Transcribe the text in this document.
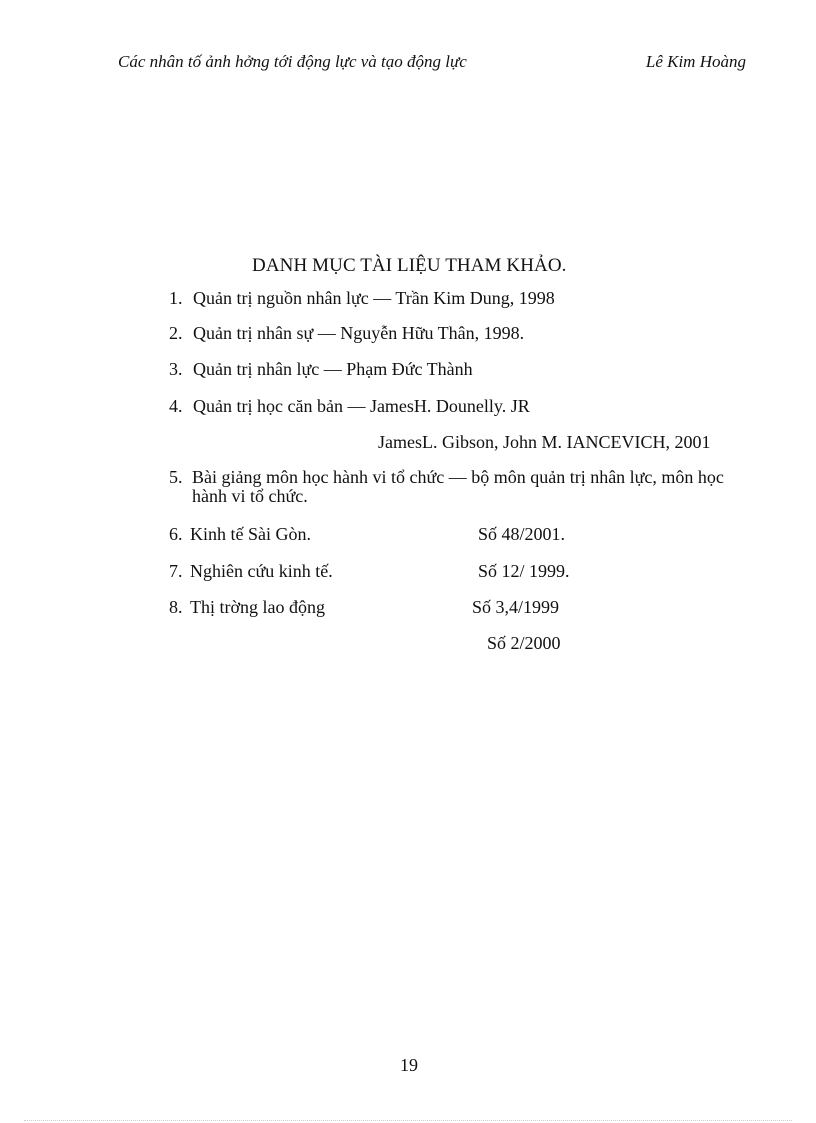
Các nhân tố ảnh hởng tới động lực và tạo động lực	Lê Kim Hoàng
DANH MỤC TÀI LIỆU THAM KHẢO.
1. Quản trị nguồn nhân lực — Trần Kim Dung, 1998
2. Quản trị nhân sự — Nguyễn Hữu Thân, 1998.
3. Quản trị nhân lực — Phạm Đức Thành
4. Quản trị học căn bản — JamesH. Dounelly. JR
JamesL. Gibson, John M. IANCEVICH, 2001
5. Bài giảng môn học hành vi tổ chức — bộ môn quản trị nhân lực, môn học hành vi tổ chức.
6. Kinh tế Sài Gòn.	Số 48/2001.
7. Nghiên cứu kinh tế.	Số 12/ 1999.
8. Thị trờng lao động	Số 3,4/1999
Số 2/2000
19
